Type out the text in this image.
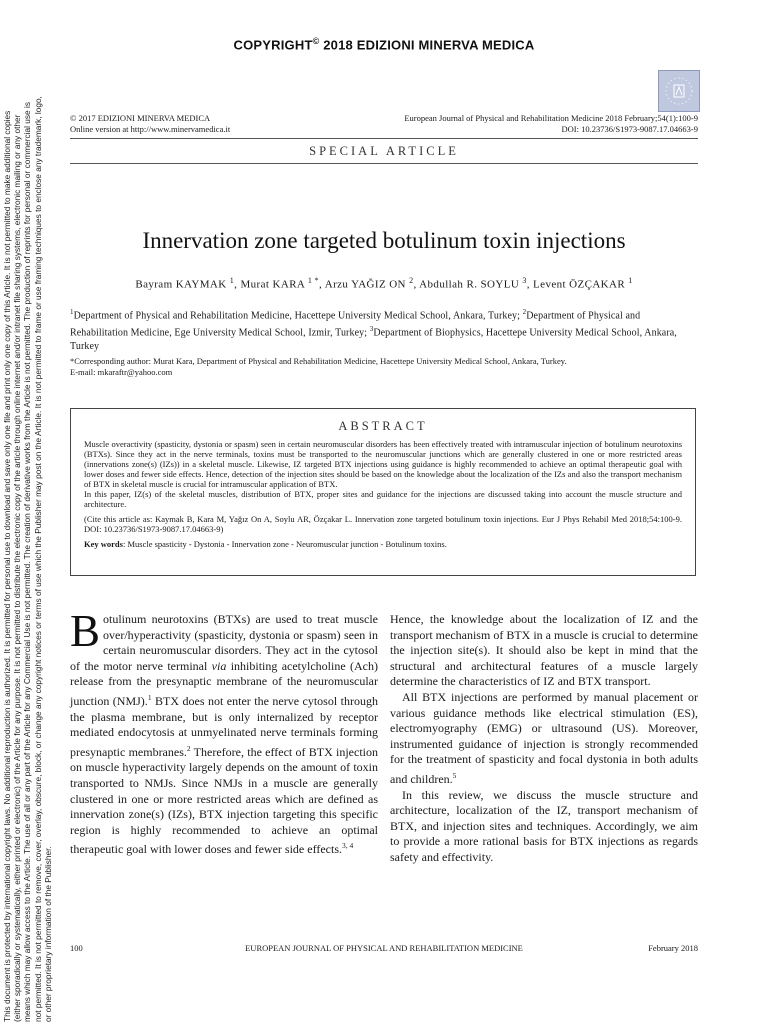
This document is protected by international copyright laws. No additional reproduction is authorized. It is permitted for personal use to download and save only one file and print only one copy of this Article. It is not permitted to make additional copies (either sporadically or systematically, either printed or electronic) of the Article for any purpose. It is not permitted to distribute the electronic copy of the article through online internet and/or intranet file sharing systems, electronic mailing or any other means which may allow access to the Article. The use of all or any part of the Article for any Commercial Use is not permitted. The creation of derivative works from the Article is not permitted. The production of reprints for personal or commercial use is not permitted. It is not permitted to remove, cover, overlay, obscure, block, or change any copyright notices or terms of use which the Publisher may post on the Article. It is not permitted to frame or use framing techniques to enclose any trademark, logo, or other proprietary information of the Publisher.
COPYRIGHT© 2018 EDIZIONI MINERVA MEDICA
© 2017 EDIZIONI MINERVA MEDICA
Online version at http://www.minervamedica.it
European Journal of Physical and Rehabilitation Medicine 2018 February;54(1):100-9
DOI: 10.23736/S1973-9087.17.04663-9
SPECIAL ARTICLE
Innervation zone targeted botulinum toxin injections
Bayram KAYMAK $^1$, Murat KARA $^{1 *}$, Arzu YAĞIZ ON $^2$, Abdullah R. SOYLU $^3$, Levent ÖZÇAKAR $^1$
$^1$Department of Physical and Rehabilitation Medicine, Hacettepe University Medical School, Ankara, Turkey; $^2$Department of Physical and Rehabilitation Medicine, Ege University Medical School, Izmir, Turkey; $^3$Department of Biophysics, Hacettepe University Medical School, Ankara, Turkey
*Corresponding author: Murat Kara, Department of Physical and Rehabilitation Medicine, Hacettepe University Medical School, Ankara, Turkey.
E-mail: mkaraftr@yahoo.com
ABSTRACT

Muscle overactivity (spasticity, dystonia or spasm) seen in certain neuromuscular disorders has been effectively treated with intramuscular injection of botulinum neurotoxins (BTXs). Since they act in the nerve terminals, toxins must be transported to the neuromuscular junctions which are generally clustered in one or more restricted areas (innervations zone(s) (IZs)) in a skeletal muscle. Likewise, IZ targeted BTX injections using guidance is highly recommended to achieve an optimal therapeutic goal with lower doses and fewer side effects. Hence, detection of the injection sites should be based on the knowledge about the localization of the IZs and also the transport mechanism of BTX in skeletal muscle is crucial for intramuscular application of BTX.

In this paper, IZ(s) of the skeletal muscles, distribution of BTX, proper sites and guidance for the injections are discussed taking into account the muscle structure and architecture.

(Cite this article as: Kaymak B, Kara M, Yağız On A, Soylu AR, Özçakar L. Innervation zone targeted botulinum toxin injections. Eur J Phys Rehabil Med 2018;54:100-9. DOI: 10.23736/S1973-9087.17.04663-9)

Key words: Muscle spasticity - Dystonia - Innervation zone - Neuromuscular junction - Botulinum toxins.

Botulinum neurotoxins (BTXs) are used to treat muscle over/hyperactivity (spasticity, dystonia or spasm) seen in certain neuromuscular disorders. They act in the cytosol of the motor nerve terminal via inhibiting acetylcholine (Ach) release from the presynaptic membrane of the neuromuscular junction (NMJ).$^1$ BTX does not enter the nerve cytosol through the plasma membrane, but is only internalized by receptor mediated endocytosis at unmyelinated nerve terminals forming presynaptic membranes.$^2$ Therefore, the effect of BTX injection on muscle hyperactivity largely depends on the amount of toxin transported to NMJs. Since NMJs in a muscle are generally clustered in one or more restricted areas which are defined as innervation zone(s) (IZs), BTX injection targeting this specific region is highly recommended to achieve an optimal therapeutic goal with lower doses and fewer side effects.$^{3, 4}$

Hence, the knowledge about the localization of IZ and the transport mechanism of BTX in a muscle is crucial to determine the injection site(s). It should also be kept in mind that the structural and architectural features of a muscle largely determine the characteristics of IZ and BTX transport.

All BTX injections are performed by manual placement or various guidance methods like electrical stimulation (ES), electromyography (EMG) or ultrasound (US). Moreover, instrumented guidance of injection is strongly recommended for the treatment of spasticity and focal dystonia in both adults and children.$^5$

In this review, we discuss the muscle structure and architecture, localization of the IZ, transport mechanism of BTX, and injection sites and techniques. Accordingly, we aim to provide a more rational basis for BTX injections as regards safety and effectivity.

100	EUROPEAN JOURNAL OF PHYSICAL AND REHABILITATION MEDICINE	February 2018
